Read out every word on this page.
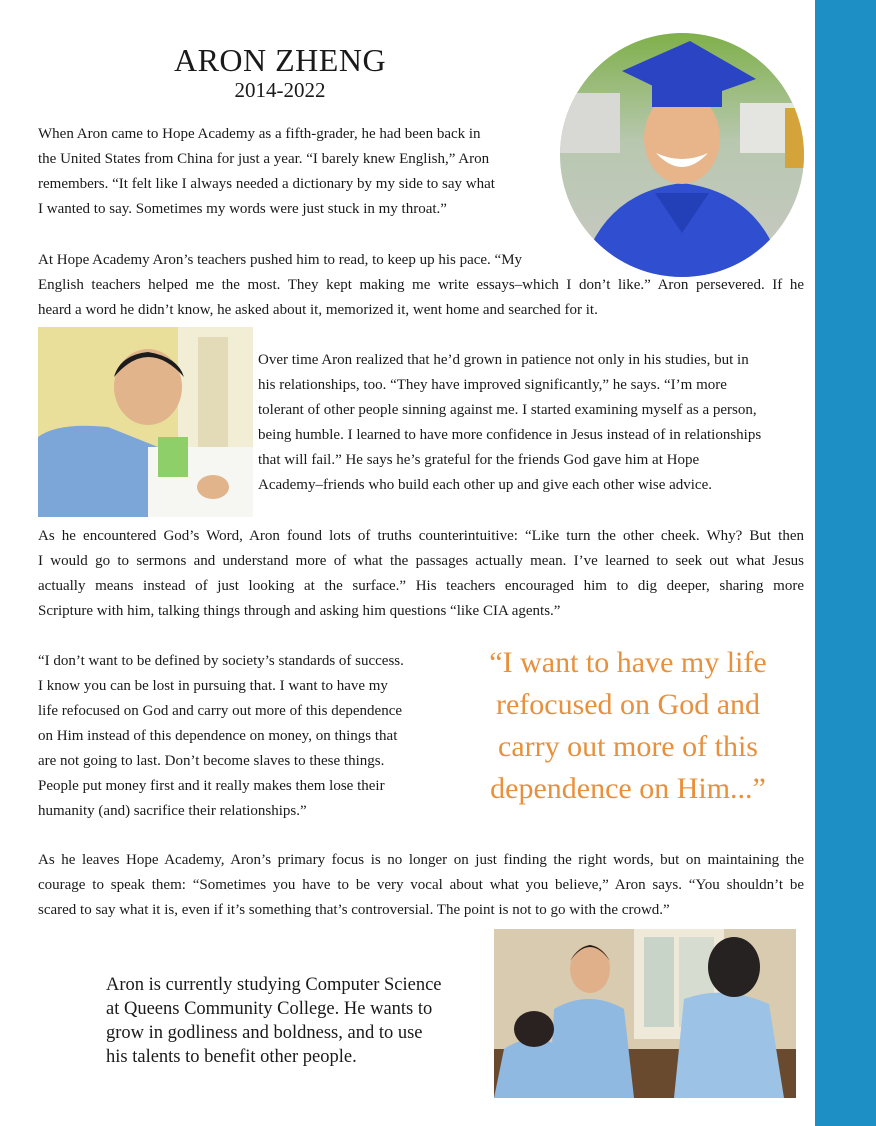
ARON ZHENG
2014-2022
When Aron came to Hope Academy as a fifth-grader, he had been back in
the United States from China for just a year. “I barely knew English,” Aron
remembers. “It felt like I always needed a dictionary by my side to say what
I wanted to say. Sometimes my words were just stuck in my throat.”
At Hope Academy Aron’s teachers pushed him to read, to keep up his pace. “My
English teachers helped me the most. They kept making me write essays–which I don’t like.” Aron persevered. If he
heard a word he didn’t know, he asked about it, memorized it, went home and searched for it.
Over time Aron realized that he’d grown in patience not only in his studies, but in
his relationships, too. “They have improved significantly,” he says. “I’m more
tolerant of other people sinning against me. I started examining myself as a person,
being humble. I learned to have more confidence in Jesus instead of in relationships
that will fail.” He says he’s grateful for the friends God gave him at Hope
Academy–friends who build each other up and give each other wise advice.
As he encountered God’s Word, Aron found lots of truths counterintuitive: “Like turn the other cheek. Why? But then
I would go to sermons and understand more of what the passages actually mean. I’ve learned to seek out what Jesus
actually means instead of just looking at the surface.” His teachers encouraged him to dig deeper, sharing more
Scripture with him, talking things through and asking him questions “like CIA agents.”
“I don’t want to be defined by society’s standards of success.
I know you can be lost in pursuing that. I want to have my
life refocused on God and carry out more of this dependence
on Him instead of this dependence on money, on things that
are not going to last. Don’t become slaves to these things.
People put money first and it really makes them lose their
humanity (and) sacrifice their relationships.”
“I want to have my life
refocused on God and
carry out more of this
dependence on Him...”
As he leaves Hope Academy, Aron’s primary focus is no longer on just finding the right words, but on maintaining the
courage to speak them: “Sometimes you have to be very vocal about what you believe,” Aron says. “You shouldn’t be
scared to say what it is, even if it’s something that’s controversial. The point is not to go with the crowd.”
Aron is currently studying Computer Science
at Queens Community College. He wants to
grow in godliness and boldness, and to use
his talents to benefit other people.
